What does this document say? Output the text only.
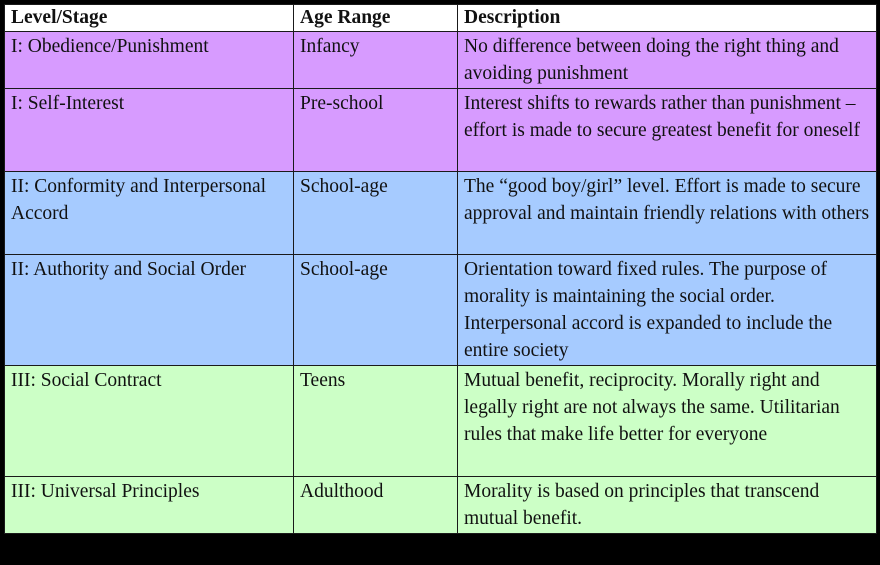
Level/Stage	Age Range	Description
I: Obedience/Punishment	Infancy	No difference between doing the right thing and avoiding punishment
I: Self-Interest	Pre-school	Interest shifts to rewards rather than punishment – effort is made to secure greatest benefit for oneself
II: Conformity and Interpersonal Accord	School-age	The “good boy/girl” level. Effort is made to secure approval and maintain friendly relations with others
II: Authority and Social Order	School-age	Orientation toward fixed rules. The purpose of morality is maintaining the social order. Interpersonal accord is expanded to include the entire society
III: Social Contract	Teens	Mutual benefit, reciprocity. Morally right and legally right are not always the same. Utilitarian rules that make life better for everyone
III: Universal Principles	Adulthood	Morality is based on principles that transcend mutual benefit.
